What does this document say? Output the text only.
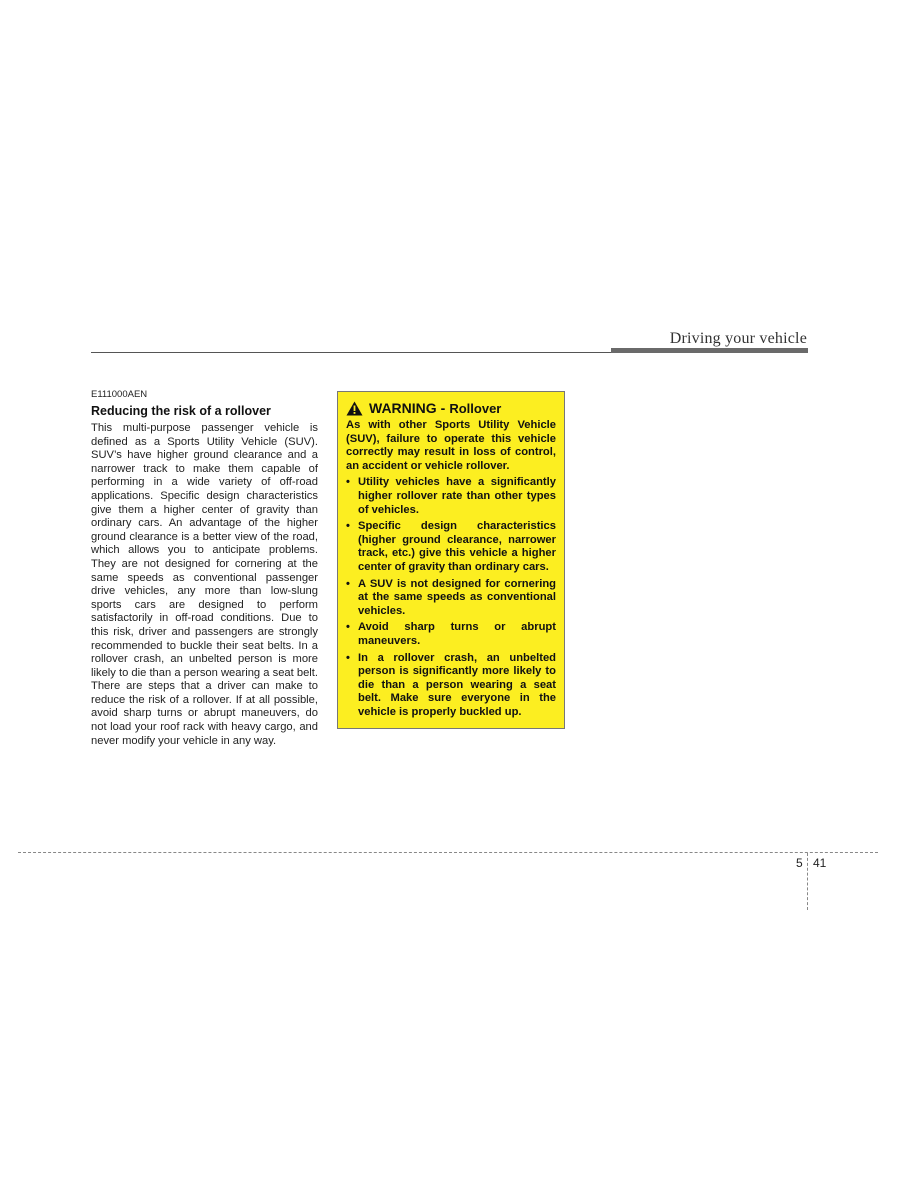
Driving your vehicle

E111000AEN

Reducing the risk of a rollover

This multi-purpose passenger vehicle is defined as a Sports Utility Vehicle (SUV). SUV’s have higher ground clearance and a narrower track to make them capable of performing in a wide variety of off-road applications. Specific design characteristics give them a higher center of gravity than ordinary cars. An advantage of the higher ground clearance is a better view of the road, which allows you to anticipate problems. They are not designed for cornering at the same speeds as conventional passenger drive vehicles, any more than low-slung sports cars are designed to perform satisfactorily in off-road conditions. Due to this risk, driver and passengers are strongly recommended to buckle their seat belts. In a rollover crash, an unbelted person is more likely to die than a person wearing a seat belt. There are steps that a driver can make to reduce the risk of a rollover. If at all possible, avoid sharp turns or abrupt maneuvers, do not load your roof rack with heavy cargo, and never modify your vehicle in any way.

WARNING - Rollover

As with other Sports Utility Vehicle (SUV), failure to operate this vehicle correctly may result in loss of control, an accident or vehicle rollover.

• Utility vehicles have a significantly higher rollover rate than other types of vehicles.
• Specific design characteristics (higher ground clearance, narrower track, etc.) give this vehicle a higher center of gravity than ordinary cars.
• A SUV is not designed for cornering at the same speeds as conventional vehicles.
• Avoid sharp turns or abrupt maneuvers.
• In a rollover crash, an unbelted person is significantly more likely to die than a person wearing a seat belt. Make sure everyone in the vehicle is properly buckled up.
5 41
